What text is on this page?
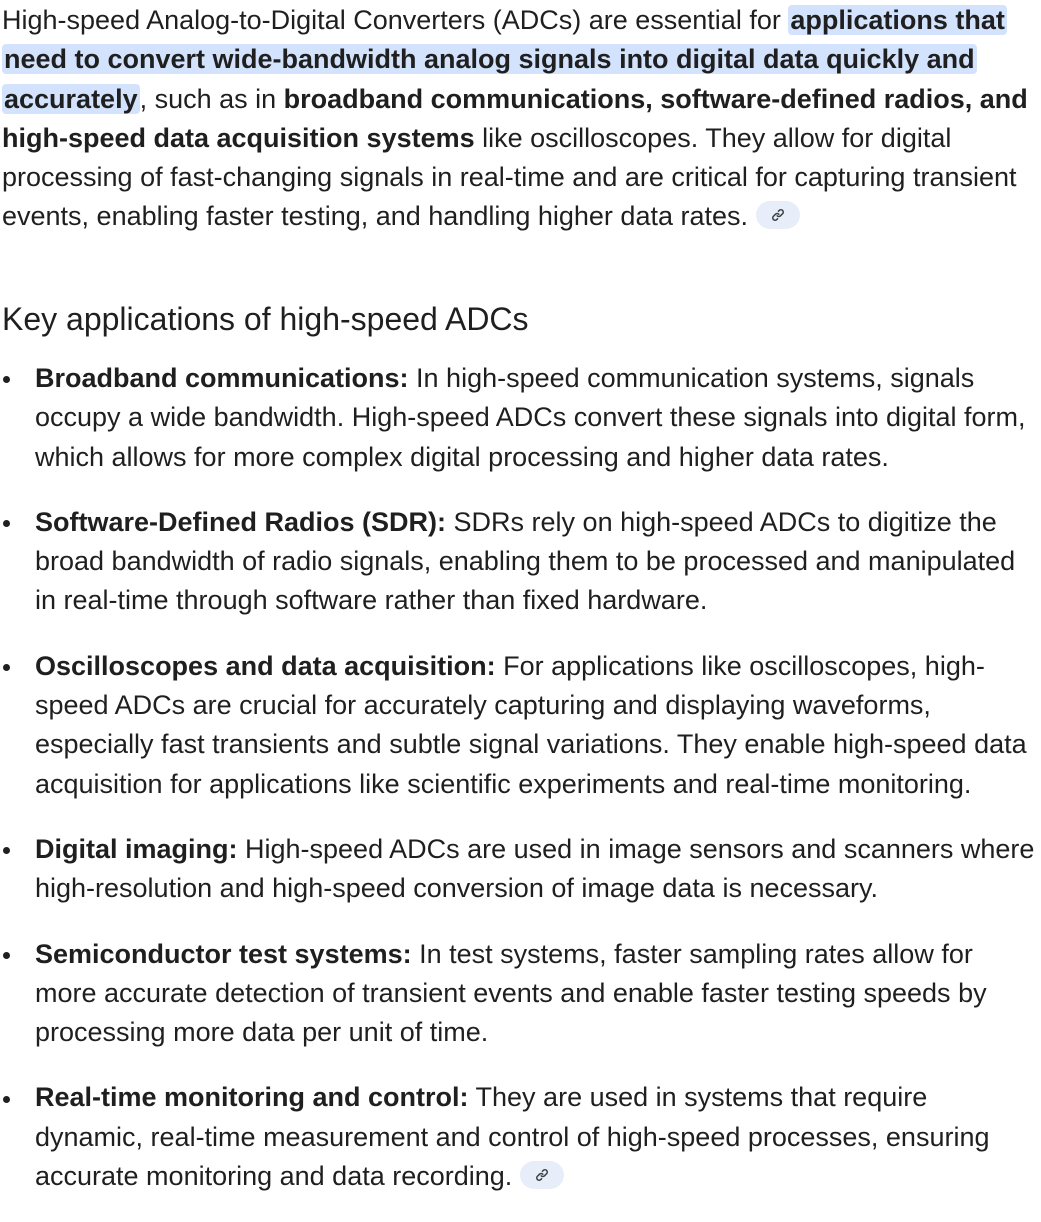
High-speed Analog-to-Digital Converters (ADCs) are essential for applications that need to convert wide-bandwidth analog signals into digital data quickly and accurately, such as in broadband communications, software-defined radios, and high-speed data acquisition systems like oscilloscopes. They allow for digital processing of fast-changing signals in real-time and are critical for capturing transient events, enabling faster testing, and handling higher data rates.

Key applications of high-speed ADCs
Broadband communications: In high-speed communication systems, signals occupy a wide bandwidth. High-speed ADCs convert these signals into digital form, which allows for more complex digital processing and higher data rates.
Software-Defined Radios (SDR): SDRs rely on high-speed ADCs to digitize the broad bandwidth of radio signals, enabling them to be processed and manipulated in real-time through software rather than fixed hardware.
Oscilloscopes and data acquisition: For applications like oscilloscopes, high-speed ADCs are crucial for accurately capturing and displaying waveforms, especially fast transients and subtle signal variations. They enable high-speed data acquisition for applications like scientific experiments and real-time monitoring.
Digital imaging: High-speed ADCs are used in image sensors and scanners where high-resolution and high-speed conversion of image data is necessary.
Semiconductor test systems: In test systems, faster sampling rates allow for more accurate detection of transient events and enable faster testing speeds by processing more data per unit of time.
Real-time monitoring and control: They are used in systems that require dynamic, real-time measurement and control of high-speed processes, ensuring accurate monitoring and data recording.
